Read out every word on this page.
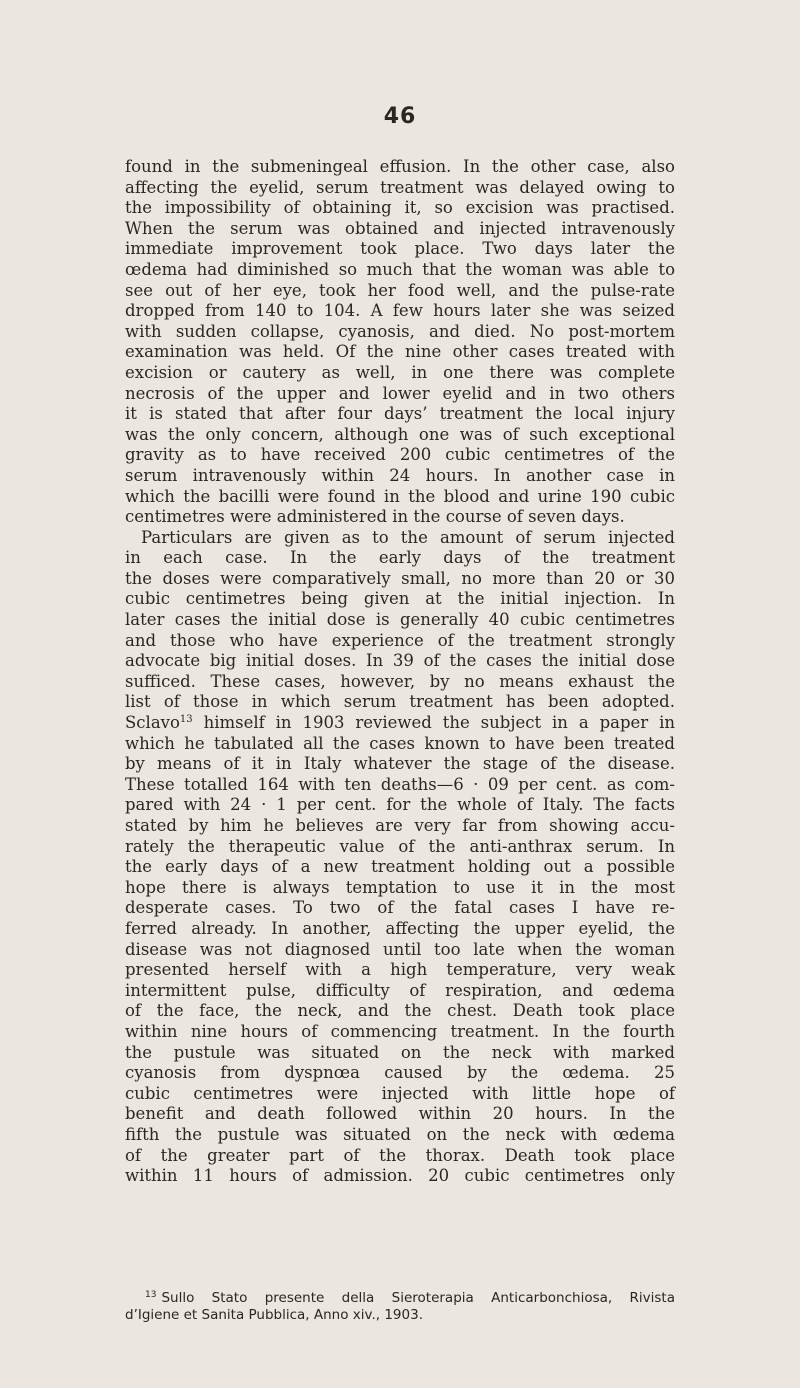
46
found in the submeningeal effusion. In the other case, also
affecting the eyelid, serum treatment was delayed owing to
the impossibility of obtaining it, so excision was practised.
When the serum was obtained and injected intravenously
immediate improvement took place. Two days later the
œdema had diminished so much that the woman was able to
see out of her eye, took her food well, and the pulse-rate
dropped from 140 to 104. A few hours later she was seized
with sudden collapse, cyanosis, and died. No post-mortem
examination was held. Of the nine other cases treated with
excision or cautery as well, in one there was complete
necrosis of the upper and lower eyelid and in two others
it is stated that after four days’ treatment the local injury
was the only concern, although one was of such exceptional
gravity as to have received 200 cubic centimetres of the
serum intravenously within 24 hours. In another case in
which the bacilli were found in the blood and urine 190 cubic
centimetres were administered in the course of seven days.
Particulars are given as to the amount of serum injected
in each case. In the early days of the treatment
the doses were comparatively small, no more than 20 or 30
cubic centimetres being given at the initial injection. In
later cases the initial dose is generally 40 cubic centimetres
and those who have experience of the treatment strongly
advocate big initial doses. In 39 of the cases the initial dose
sufficed. These cases, however, by no means exhaust the
list of those in which serum treatment has been adopted.
Sclavo$^{13}$ himself in 1903 reviewed the subject in a paper in
which he tabulated all the cases known to have been treated
by means of it in Italy whatever the stage of the disease.
These totalled 164 with ten deaths—6 · 09 per cent. as com-
pared with 24 · 1 per cent. for the whole of Italy. The facts
stated by him he believes are very far from showing accu-
rately the therapeutic value of the anti-anthrax serum. In
the early days of a new treatment holding out a possible
hope there is always temptation to use it in the most
desperate cases. To two of the fatal cases I have re-
ferred already. In another, affecting the upper eyelid, the
disease was not diagnosed until too late when the woman
presented herself with a high temperature, very weak
intermittent pulse, difficulty of respiration, and œdema
of the face, the neck, and the chest. Death took place
within nine hours of commencing treatment. In the fourth
the pustule was situated on the neck with marked
cyanosis from dyspnœa caused by the œdema. 25
cubic centimetres were injected with little hope of
benefit and death followed within 20 hours. In the
fifth the pustule was situated on the neck with œdema
of the greater part of the thorax. Death took place
within 11 hours of admission. 20 cubic centimetres only
$^{13}$ Sullo Stato presente della Sieroterapia Anticarbonchiosa, Rivista
d’Igiene et Sanita Pubblica, Anno xiv., 1903.
